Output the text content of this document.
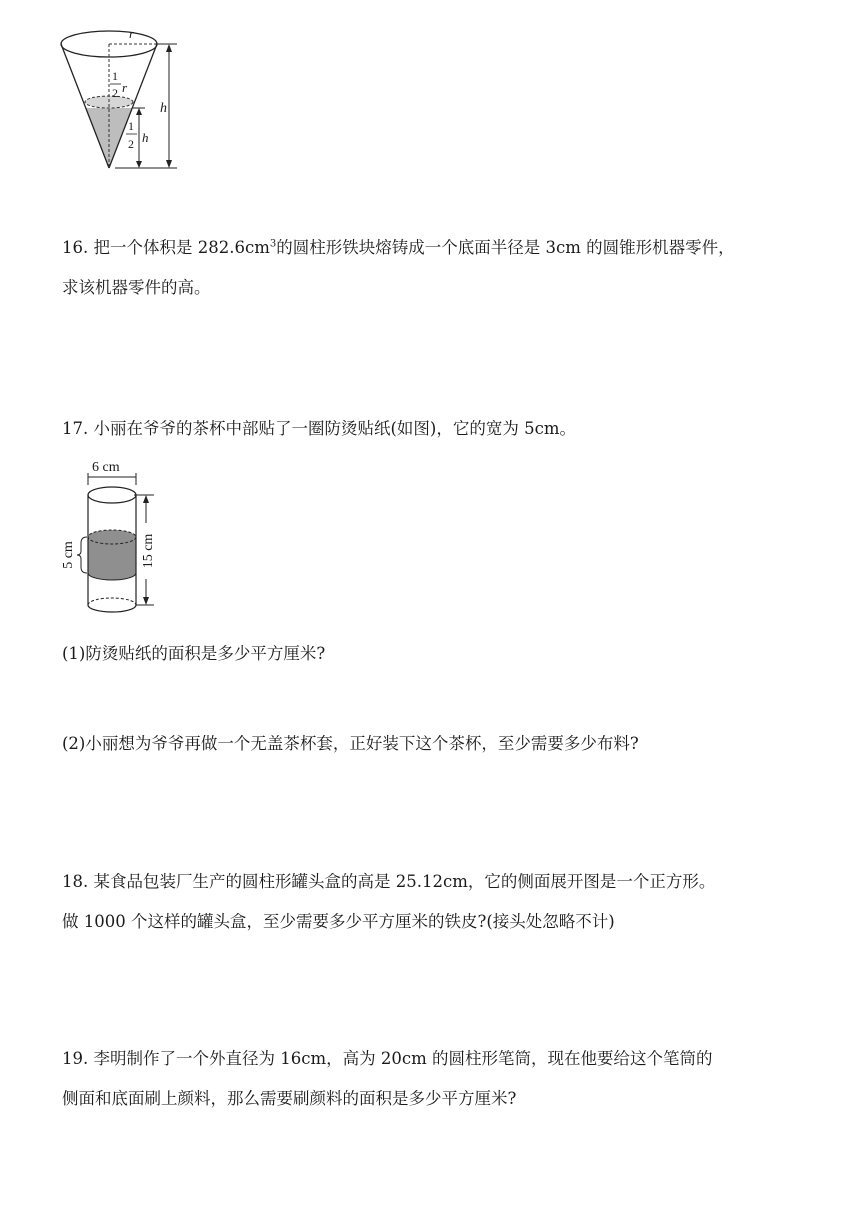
r
1
2 r
1
2 h
h

16. 把一个体积是 $282.6cm^3$的圆柱形铁块熔铸成一个底面半径是 3cm 的圆锥形机器零件，
求该机器零件的高。

17. 小丽在爷爷的茶杯中部贴了一圈防烫贴纸(如图)，它的宽为 5cm。

6 cm
15 cm
5 cm

(1)防烫贴纸的面积是多少平方厘米?

(2)小丽想为爷爷再做一个无盖茶杯套，正好装下这个茶杯，至少需要多少布料?

18. 某食品包装厂生产的圆柱形罐头盒的高是 25.12cm，它的侧面展开图是一个正方形。
做 1000 个这样的罐头盒，至少需要多少平方厘米的铁皮?(接头处忽略不计)

19. 李明制作了一个外直径为 16cm，高为 20cm 的圆柱形笔筒，现在他要给这个笔筒的
侧面和底面刷上颜料，那么需要刷颜料的面积是多少平方厘米?
